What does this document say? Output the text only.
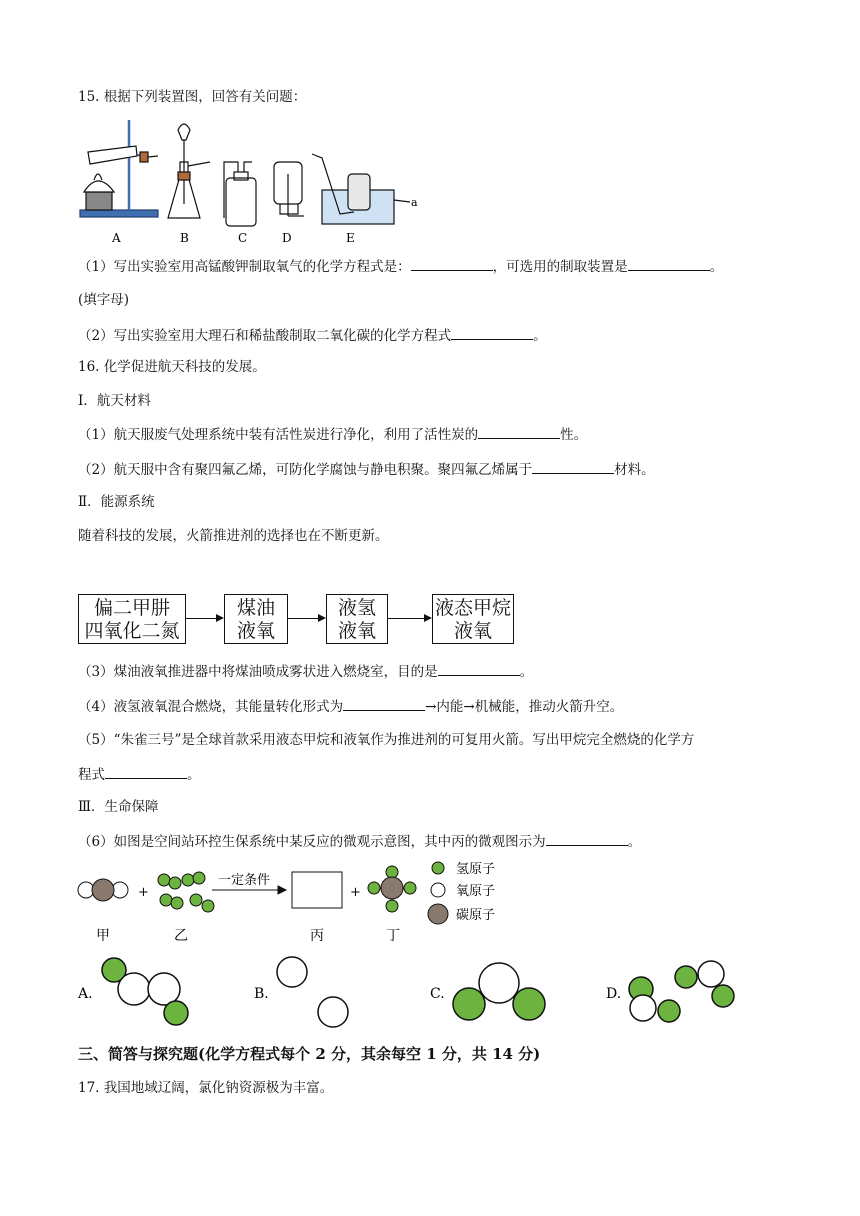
15. 根据下列装置图，回答有关问题：
A	B	C	D	E
a
（1）写出实验室用高锰酸钾制取氧气的化学方程式是：	，可选用的制取装置是	。
(填字母)
（2）写出实验室用大理石和稀盐酸制取二氧化碳的化学方程式	。
16. 化学促进航天科技的发展。
Ⅰ．航天材料
（1）航天服废气处理系统中装有活性炭进行净化，利用了活性炭的	性。
（2）航天服中含有聚四氟乙烯，可防化学腐蚀与静电积聚。聚四氟乙烯属于	材料。
Ⅱ．能源系统
随着科技的发展，火箭推进剂的选择也在不断更新。
偏二甲肼
四氧化二氮
煤油
液氧
液氢
液氧
液态甲烷
液氧
（3）煤油液氧推进器中将煤油喷成雾状进入燃烧室，目的是	。
（4）液氢液氧混合燃烧，其能量转化形式为	→内能→机械能，推动火箭升空。
（5）“朱雀三号”是全球首款采用液态甲烷和液氧作为推进剂的可复用火箭。写出甲烷完全燃烧的化学方
程式	。
Ⅲ．生命保障
（6）如图是空间站环控生保系统中某反应的微观示意图，其中丙的微观图示为	。
+	+
一定条件
甲	乙	丙	丁
氢原子
氧原子
碳原子
A.	B.	C.	D.
三、简答与探究题(化学方程式每个 2 分，其余每空 1 分，共 14 分)
17. 我国地域辽阔，氯化钠资源极为丰富。
